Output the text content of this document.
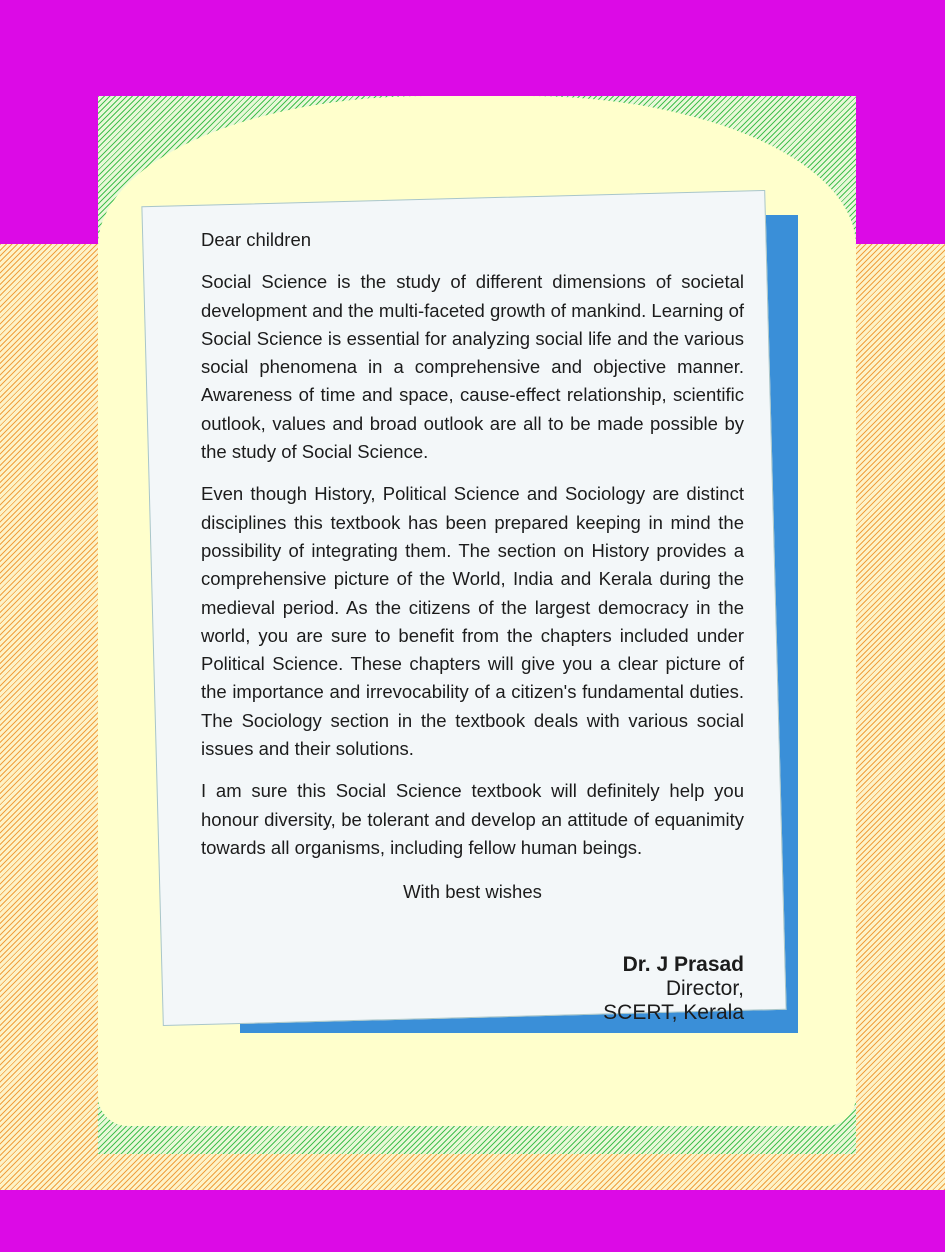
Dear children

Social Science is the study of different dimensions of societal development and the multi-faceted growth of mankind. Learning of Social Science is essential for analyzing social life and the various social phenomena in a comprehensive and objective manner. Awareness of time and space, cause-effect relationship, scientific outlook, values and broad outlook are all to be made possible by the study of Social Science.

Even though History, Political Science and Sociology are distinct disciplines this textbook has been prepared keeping in mind the possibility of integrating them. The section on History provides a comprehensive picture of the World, India and Kerala during the medieval period. As the citizens of the largest democracy in the world, you are sure to benefit from the chapters included under Political Science. These chapters will give you a clear picture of the importance and irrevocability of a citizen's fundamental duties. The Sociology section in the textbook deals with various social issues and their solutions.

I am sure this Social Science textbook will definitely help you honour diversity, be tolerant and develop an attitude of equanimity towards all organisms, including fellow human beings.

With best wishes

Dr. J Prasad
Director,
SCERT, Kerala
